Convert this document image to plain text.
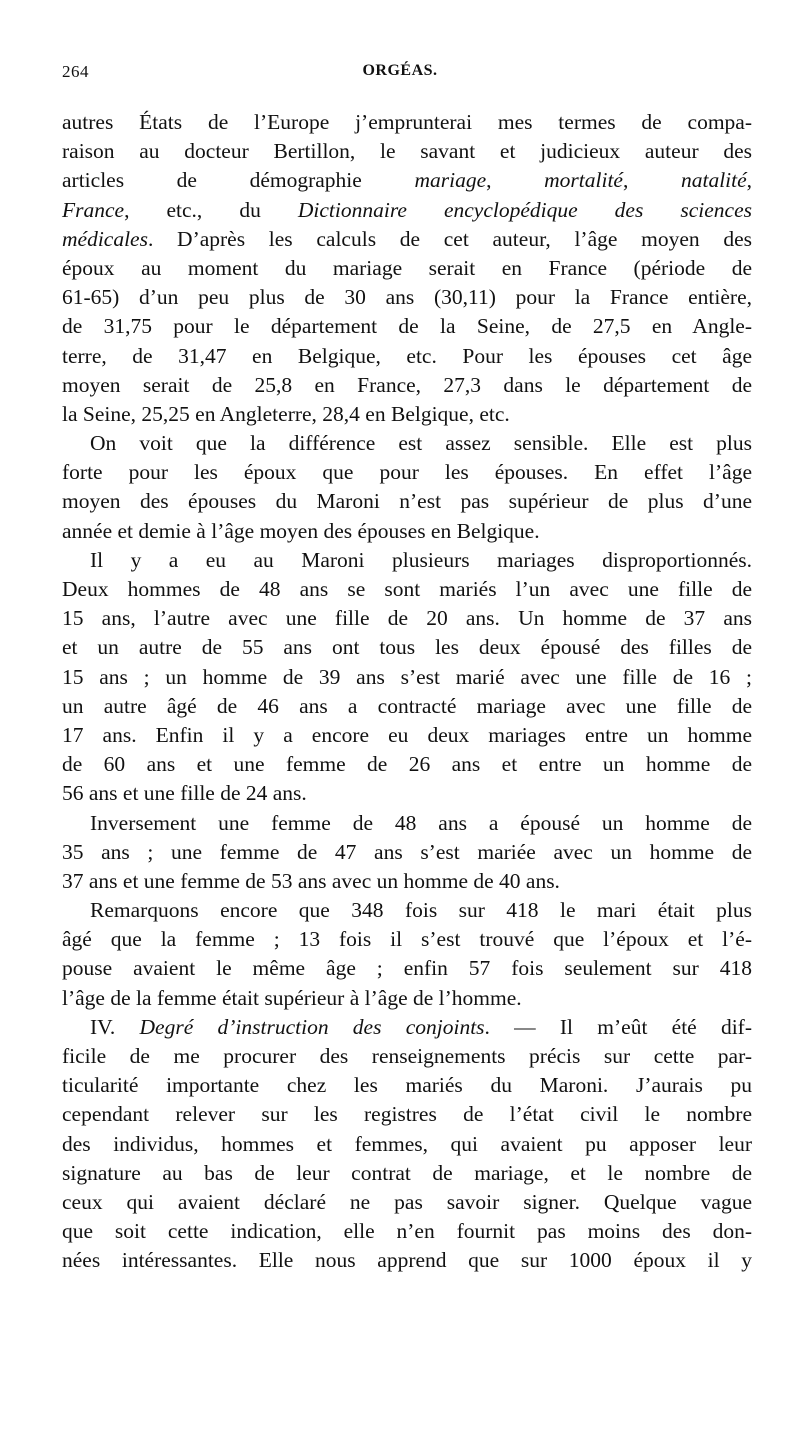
264	ORGÉAS.
autres États de l’Europe j’emprunterai mes termes de compa-
raison au docteur Bertillon, le savant et judicieux auteur des
articles de démographie mariage, mortalité, natalité,
France, etc., du Dictionnaire encyclopédique des sciences
médicales. D’après les calculs de cet auteur, l’âge moyen des
époux au moment du mariage serait en France (période de
61-65) d’un peu plus de 30 ans (30,11) pour la France entière,
de 31,75 pour le département de la Seine, de 27,5 en Angle-
terre, de 31,47 en Belgique, etc. Pour les épouses cet âge
moyen serait de 25,8 en France, 27,3 dans le département de
la Seine, 25,25 en Angleterre, 28,4 en Belgique, etc.
On voit que la différence est assez sensible. Elle est plus
forte pour les époux que pour les épouses. En effet l’âge
moyen des épouses du Maroni n’est pas supérieur de plus d’une
année et demie à l’âge moyen des épouses en Belgique.
Il y a eu au Maroni plusieurs mariages disproportionnés.
Deux hommes de 48 ans se sont mariés l’un avec une fille de
15 ans, l’autre avec une fille de 20 ans. Un homme de 37 ans
et un autre de 55 ans ont tous les deux épousé des filles de
15 ans ; un homme de 39 ans s’est marié avec une fille de 16 ;
un autre âgé de 46 ans a contracté mariage avec une fille de
17 ans. Enfin il y a encore eu deux mariages entre un homme
de 60 ans et une femme de 26 ans et entre un homme de
56 ans et une fille de 24 ans.
Inversement une femme de 48 ans a épousé un homme de
35 ans ; une femme de 47 ans s’est mariée avec un homme de
37 ans et une femme de 53 ans avec un homme de 40 ans.
Remarquons encore que 348 fois sur 418 le mari était plus
âgé que la femme ; 13 fois il s’est trouvé que l’époux et l’é-
pouse avaient le même âge ; enfin 57 fois seulement sur 418
l’âge de la femme était supérieur à l’âge de l’homme.
IV. Degré d’instruction des conjoints. — Il m’eût été dif-
ficile de me procurer des renseignements précis sur cette par-
ticularité importante chez les mariés du Maroni. J’aurais pu
cependant relever sur les registres de l’état civil le nombre
des individus, hommes et femmes, qui avaient pu apposer leur
signature au bas de leur contrat de mariage, et le nombre de
ceux qui avaient déclaré ne pas savoir signer. Quelque vague
que soit cette indication, elle n’en fournit pas moins des don-
nées intéressantes. Elle nous apprend que sur 1000 époux il y
